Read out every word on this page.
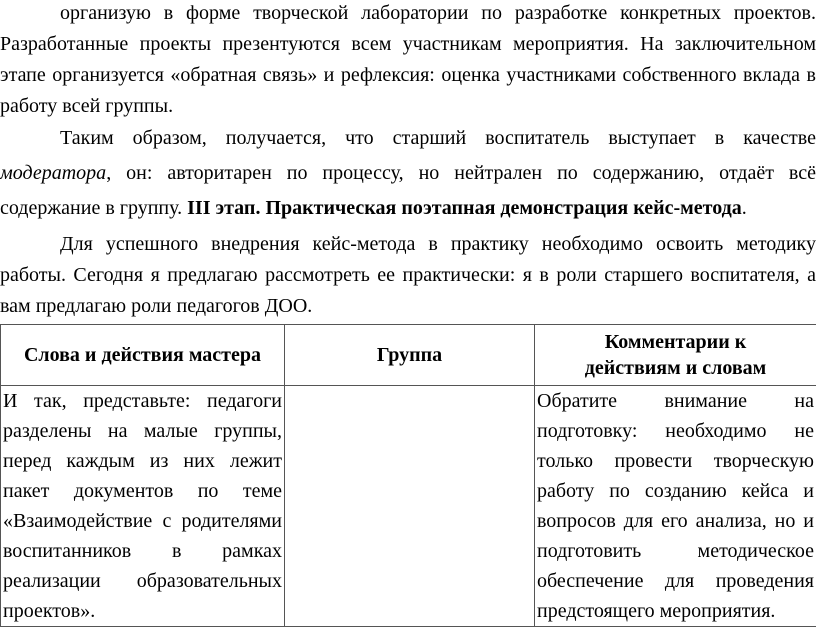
организую в форме творческой лаборатории по разработке конкретных проектов. Разработанные проекты презентуются всем участникам мероприятия. На заключительном этапе организуется «обратная связь» и рефлексия: оценка участниками собственного вклада в работу всей группы.

Таким образом, получается, что старший воспитатель выступает в качестве модератора, он: авторитарен по процессу, но нейтрален по содержанию, отдаёт всё содержание в группу. III этап. Практическая поэтапная демонстрация кейс-метода.

Для успешного внедрения кейс-метода в практику необходимо освоить методику работы. Сегодня я предлагаю рассмотреть ее практически: я в роли старшего воспитателя, а вам предлагаю роли педагогов ДОО.

Слова и действия мастера	Группа	Комментарии к
действиям и словам
И так, представьте: педагоги разделены на малые группы, перед каждым из них лежит пакет документов по теме «Взаимодействие с родителями воспитанников в рамках реализации образовательных проектов».		Обратите внимание на подготовку: необходимо не только провести творческую работу по созданию кейса и вопросов для его анализа, но и подготовить методическое обеспечение для проведения предстоящего мероприятия.
